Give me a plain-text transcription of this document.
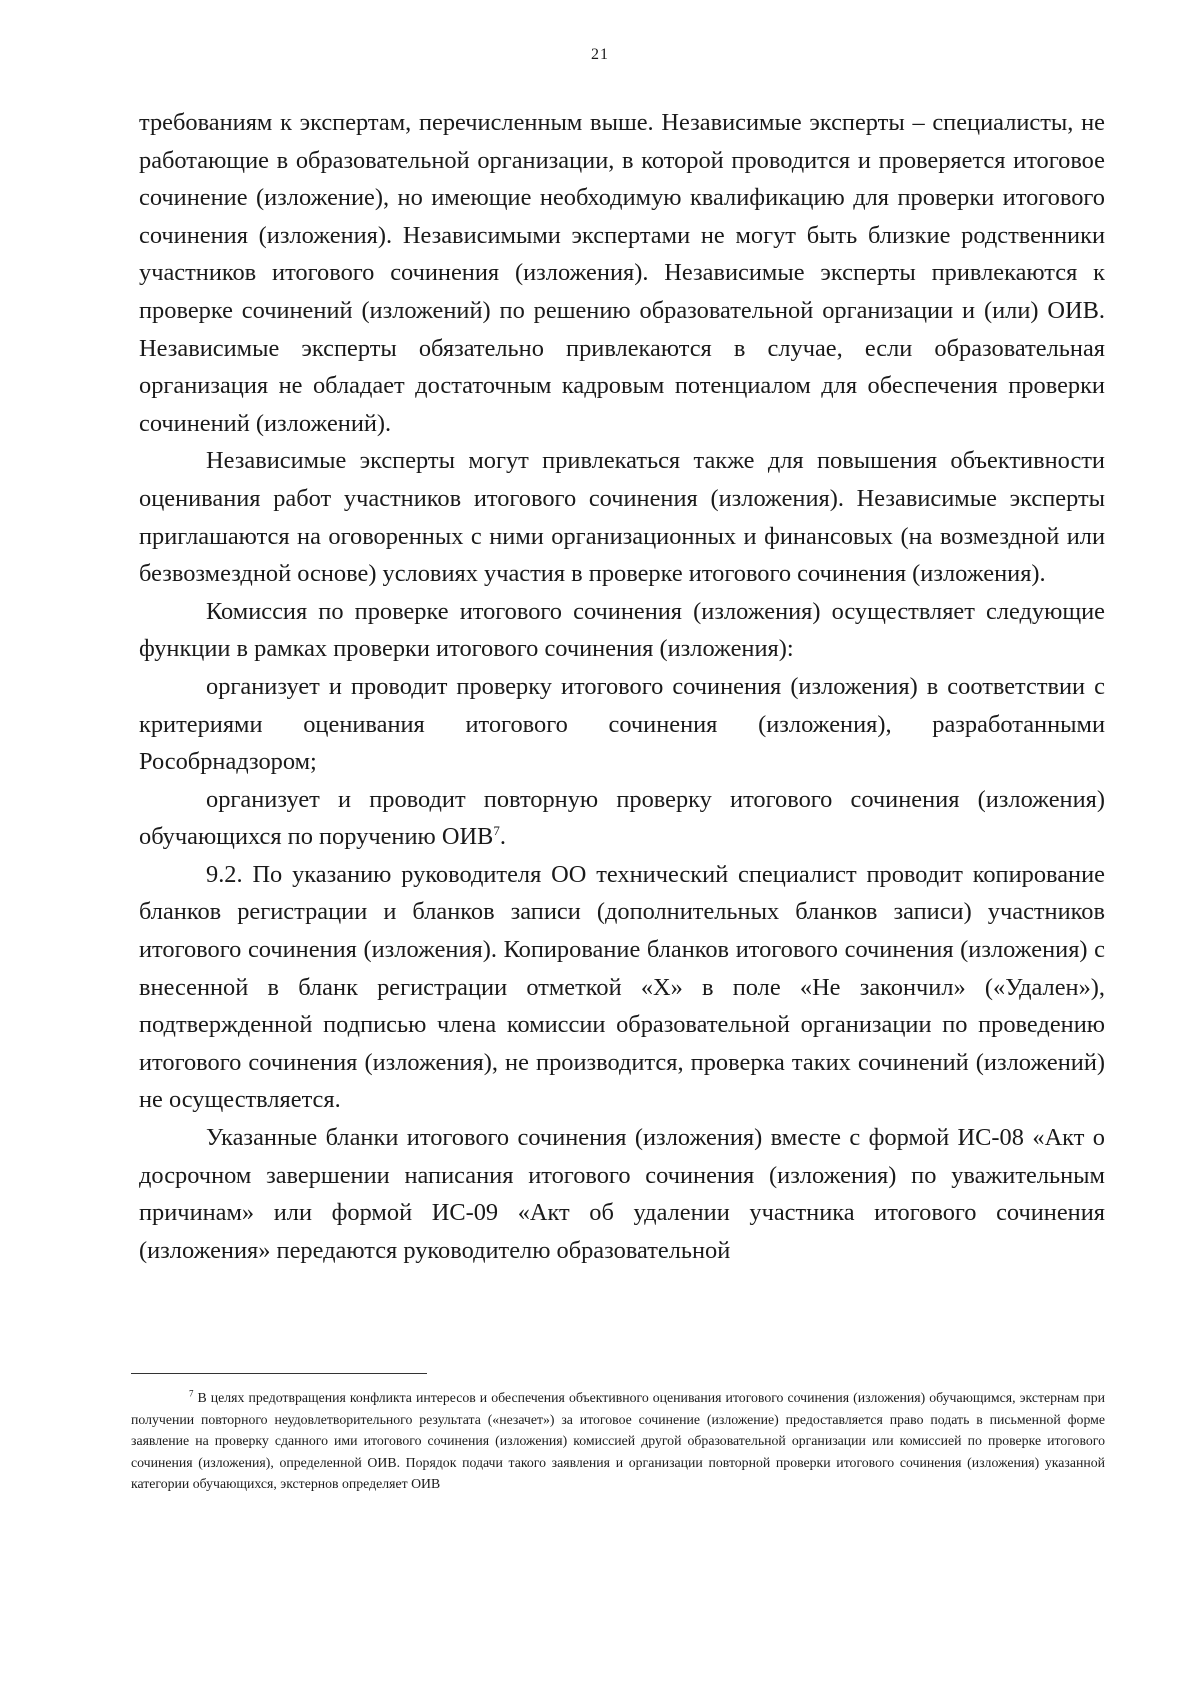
21

требованиям к экспертам, перечисленным выше. Независимые эксперты – специалисты, не работающие в образовательной организации, в которой проводится и проверяется итоговое сочинение (изложение), но имеющие необходимую квалификацию для проверки итогового сочинения (изложения). Независимыми экспертами не могут быть близкие родственники участников итогового сочинения (изложения). Независимые эксперты привлекаются к проверке сочинений (изложений) по решению образовательной организации и (или) ОИВ. Независимые эксперты обязательно привлекаются в случае, если образовательная организация не обладает достаточным кадровым потенциалом для обеспечения проверки сочинений (изложений).

Независимые эксперты могут привлекаться также для повышения объективности оценивания работ участников итогового сочинения (изложения). Независимые эксперты приглашаются на оговоренных с ними организационных и финансовых (на возмездной или безвозмездной основе) условиях участия в проверке итогового сочинения (изложения).

Комиссия по проверке итогового сочинения (изложения) осуществляет следующие функции в рамках проверки итогового сочинения (изложения):

организует и проводит проверку итогового сочинения (изложения) в соответствии с критериями оценивания итогового сочинения (изложения), разработанными Рособрнадзором;

организует и проводит повторную проверку итогового сочинения (изложения) обучающихся по поручению ОИВ$^7$.

9.2. По указанию руководителя ОО технический специалист проводит копирование бланков регистрации и бланков записи (дополнительных бланков записи) участников итогового сочинения (изложения). Копирование бланков итогового сочинения (изложения) с внесенной в бланк регистрации отметкой «Х» в поле «Не закончил» («Удален»), подтвержденной подписью члена комиссии образовательной организации по проведению итогового сочинения (изложения), не производится, проверка таких сочинений (изложений) не осуществляется.

Указанные бланки итогового сочинения (изложения) вместе с формой ИС-08 «Акт о досрочном завершении написания итогового сочинения (изложения) по уважительным причинам» или формой ИС-09 «Акт об удалении участника итогового сочинения (изложения» передаются руководителю образовательной

$^7$ В целях предотвращения конфликта интересов и обеспечения объективного оценивания итогового сочинения (изложения) обучающимся, экстернам при получении повторного неудовлетворительного результата («незачет») за итоговое сочинение (изложение) предоставляется право подать в письменной форме заявление на проверку сданного ими итогового сочинения (изложения) комиссией другой образовательной организации или комиссией по проверке итогового сочинения (изложения), определенной ОИВ. Порядок подачи такого заявления и организации повторной проверки итогового сочинения (изложения) указанной категории обучающихся, экстернов определяет ОИВ
